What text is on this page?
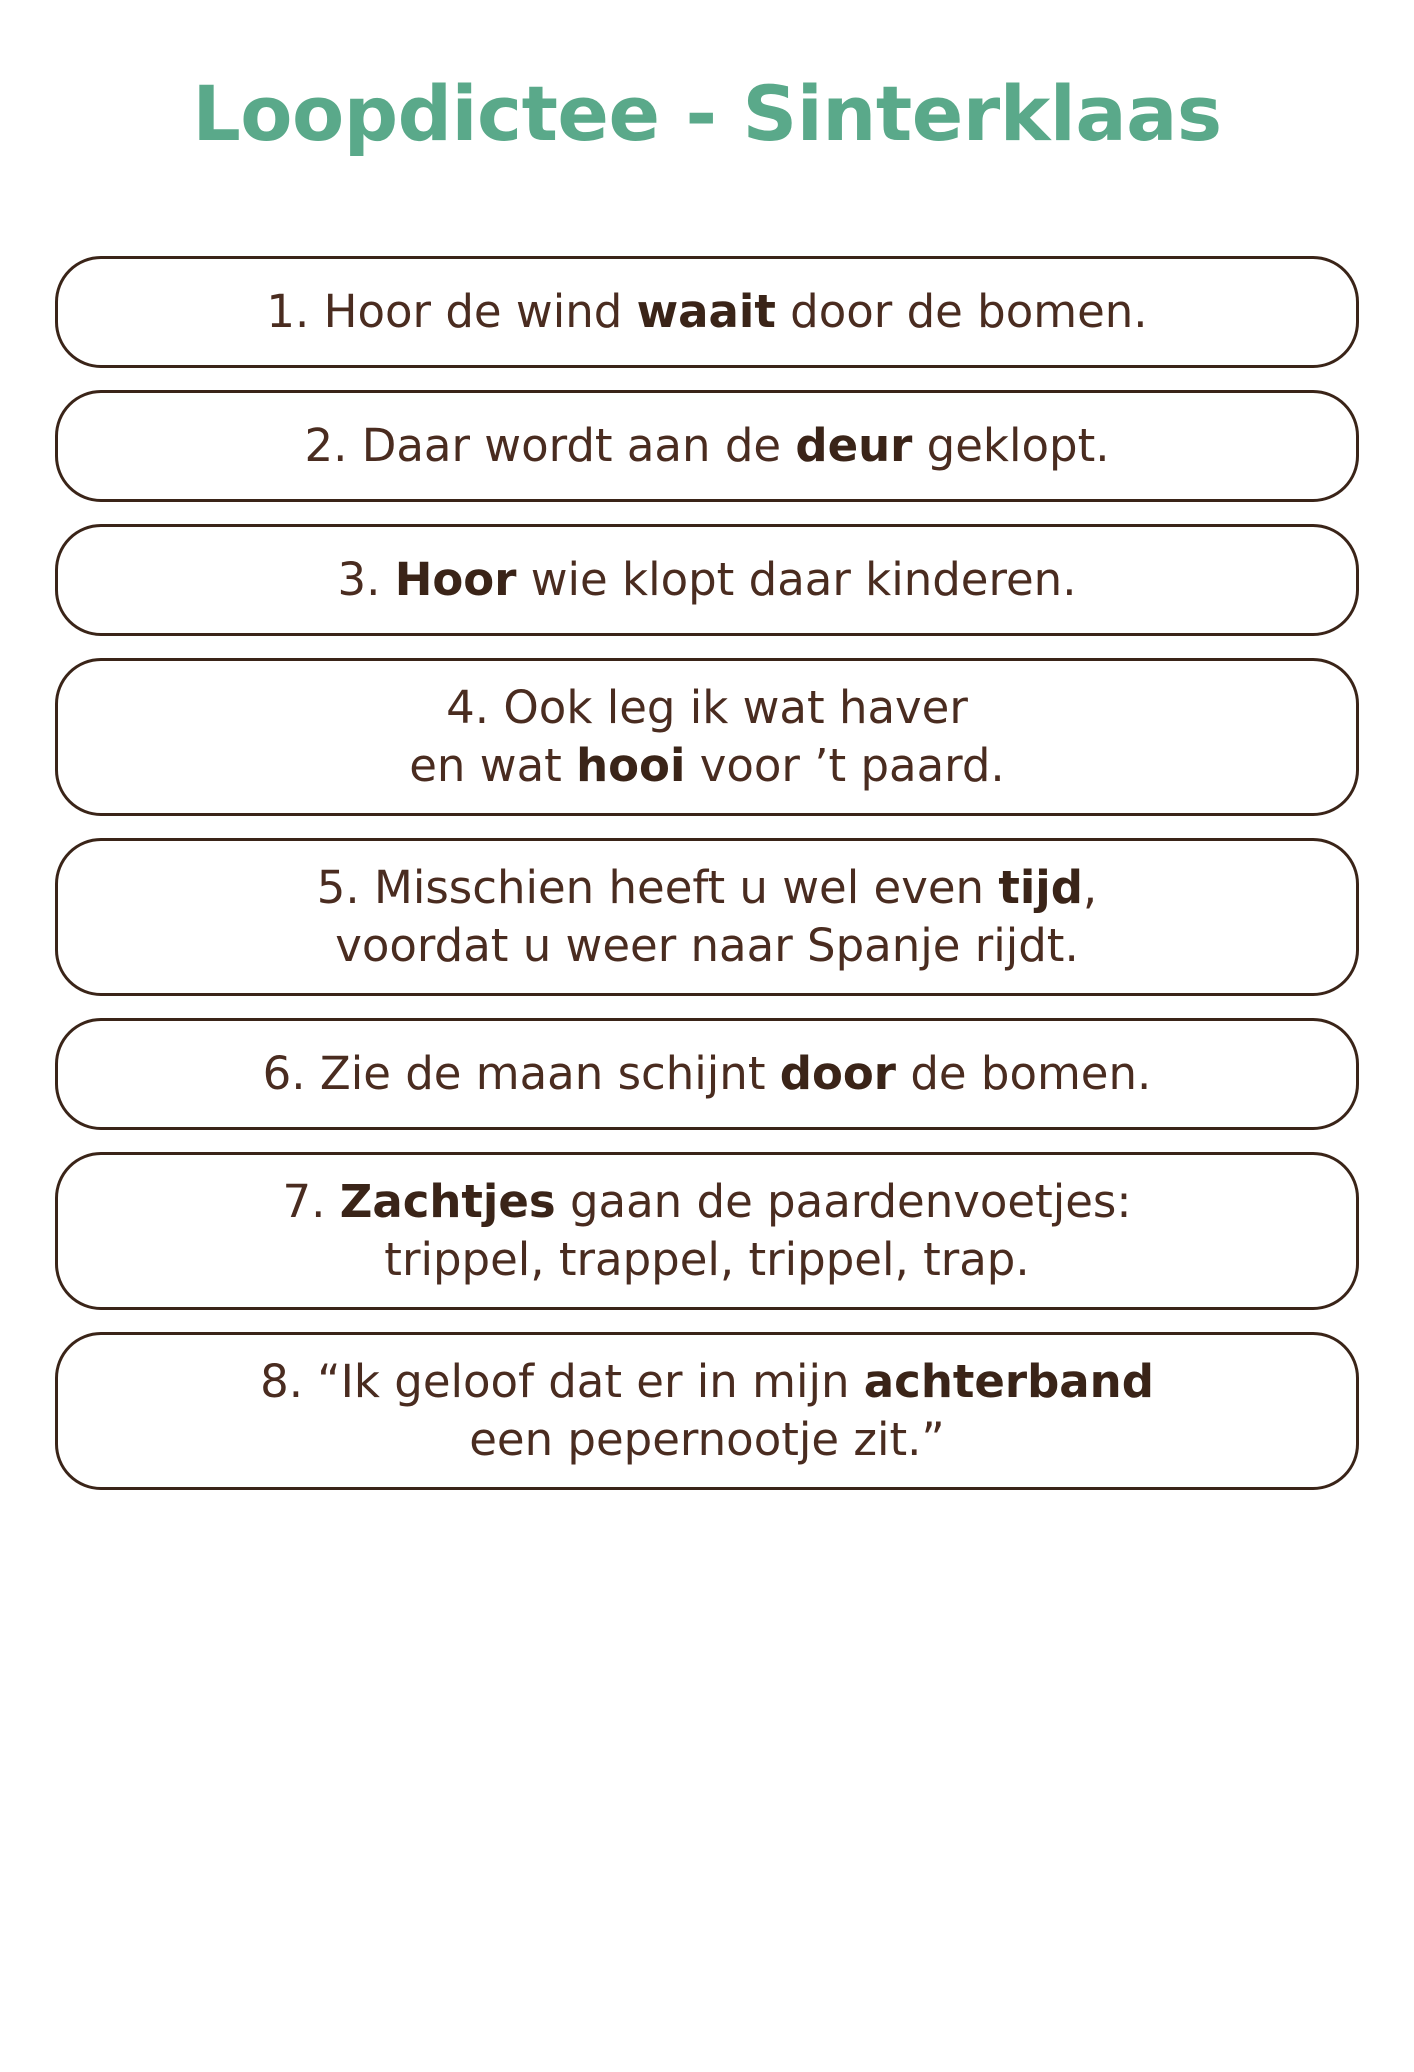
Loopdictee - Sinterklaas
1. Hoor de wind waait door de bomen.
2. Daar wordt aan de deur geklopt.
3. Hoor wie klopt daar kinderen.
4. Ook leg ik wat haver
en wat hooi voor ’t paard.
5. Misschien heeft u wel even tijd,
voordat u weer naar Spanje rijdt.
6. Zie de maan schijnt door de bomen.
7. Zachtjes gaan de paardenvoetjes:
trippel, trappel, trippel, trap.
8. “Ik geloof dat er in mijn achterband
een pepernootje zit.”
